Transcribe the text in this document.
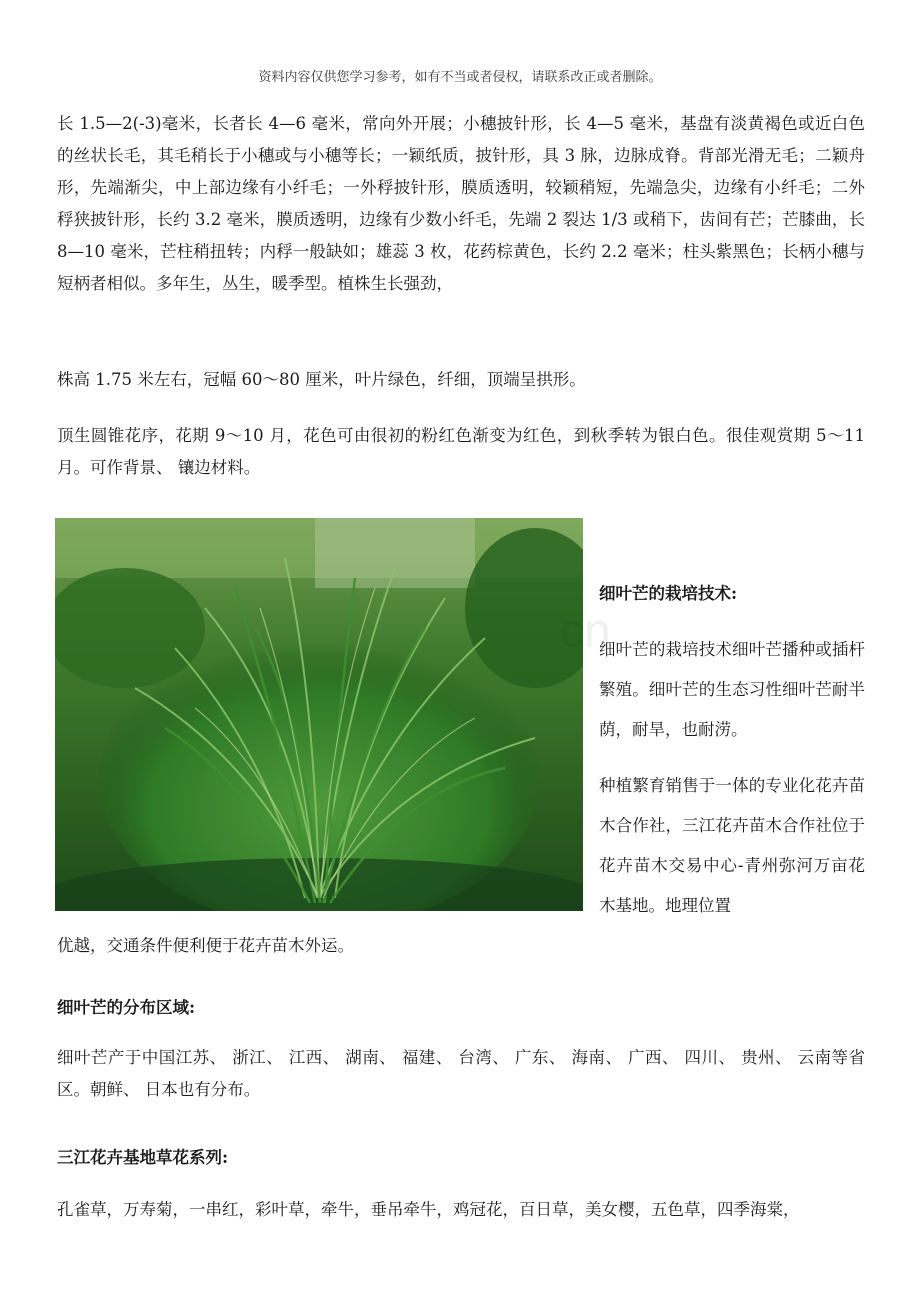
资料内容仅供您学习参考，如有不当或者侵权，请联系改正或者删除。

长 1.5—2(-3)毫米，长者长 4—6 毫米，常向外开展；小穗披针形，长 4—5 毫米，基盘有淡黄褐色或近白色的丝状长毛，其毛稍长于小穗或与小穗等长；一颖纸质，披针形，具 3 脉，边脉成脊。背部光滑无毛；二颖舟形，先端渐尖，中上部边缘有小纤毛；一外稃披针形，膜质透明，较颖稍短，先端急尖，边缘有小纤毛；二外稃狭披针形，长约 3.2 毫米，膜质透明，边缘有少数小纤毛，先端 2 裂达 1/3 或稍下，齿间有芒；芒膝曲，长 8—10 毫米，芒柱稍扭转；内稃一般缺如；雄蕊 3 枚，花药棕黄色，长约 2.2 毫米；柱头紫黑色；长柄小穗与短柄者相似。多年生，丛生，暖季型。植株生长强劲，

株高 1.75 米左右，冠幅 60～80 厘米，叶片绿色，纤细，顶端呈拱形。

顶生圆锥花序，花期 9～10 月，花色可由很初的粉红色渐变为红色，到秋季转为银白色。很佳观赏期 5～11 月。可作背景、 镶边材料。

cn

细叶芒的栽培技术:

细叶芒的栽培技术细叶芒播种或插杆繁殖。细叶芒的生态习性细叶芒耐半荫，耐旱，也耐涝。

种植繁育销售于一体的专业化花卉苗木合作社，三江花卉苗木合作社位于花卉苗木交易中心-青州弥河万亩花木基地。地理位置

优越，交通条件便利便于花卉苗木外运。

细叶芒的分布区域:

细叶芒产于中国江苏、 浙江、 江西、 湖南、 福建、 台湾、 广东、 海南、 广西、 四川、 贵州、 云南等省区。朝鲜、 日本也有分布。

三江花卉基地草花系列:

孔雀草，万寿菊，一串红，彩叶草，牵牛，垂吊牵牛，鸡冠花，百日草，美女樱，五色草，四季海棠，
